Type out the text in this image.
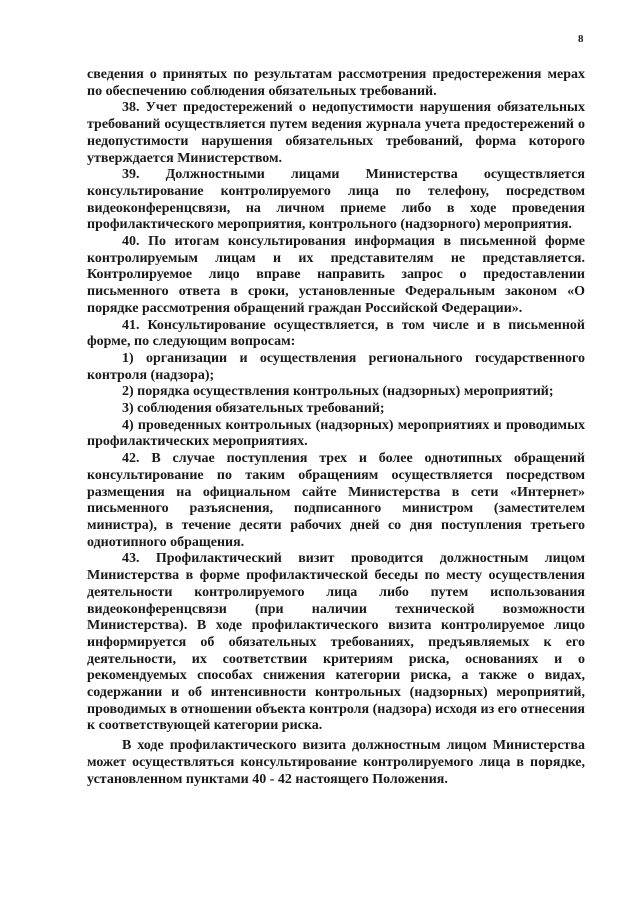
8

сведения о принятых по результатам рассмотрения предостережения мерах по обеспечению соблюдения обязательных требований.

38. Учет предостережений о недопустимости нарушения обязательных требований осуществляется путем ведения журнала учета предостережений о недопустимости нарушения обязательных требований, форма которого утверждается Министерством.

39. Должностными лицами Министерства осуществляется консультирование контролируемого лица по телефону, посредством видеоконференцсвязи, на личном приеме либо в ходе проведения профилактического мероприятия, контрольного (надзорного) мероприятия.

40. По итогам консультирования информация в письменной форме контролируемым лицам и их представителям не представляется. Контролируемое лицо вправе направить запрос о предоставлении письменного ответа в сроки, установленные Федеральным законом «О порядке рассмотрения обращений граждан Российской Федерации».

41. Консультирование осуществляется, в том числе и в письменной форме, по следующим вопросам:

1) организации и осуществления регионального государственного контроля (надзора);

2) порядка осуществления контрольных (надзорных) мероприятий;

3) соблюдения обязательных требований;

4) проведенных контрольных (надзорных) мероприятиях и проводимых профилактических мероприятиях.

42. В случае поступления трех и более однотипных обращений консультирование по таким обращениям осуществляется посредством размещения на официальном сайте Министерства в сети «Интернет» письменного разъяснения, подписанного министром (заместителем министра), в течение десяти рабочих дней со дня поступления третьего однотипного обращения.

43. Профилактический визит проводится должностным лицом Министерства в форме профилактической беседы по месту осуществления деятельности контролируемого лица либо путем использования видеоконференцсвязи (при наличии технической возможности Министерства). В ходе профилактического визита контролируемое лицо информируется об обязательных требованиях, предъявляемых к его деятельности, их соответствии критериям риска, основаниях и о рекомендуемых способах снижения категории риска, а также о видах, содержании и об интенсивности контрольных (надзорных) мероприятий, проводимых в отношении объекта контроля (надзора) исходя из его отнесения к соответствующей категории риска.

В ходе профилактического визита должностным лицом Министерства может осуществляться консультирование контролируемого лица в порядке, установленном пунктами 40 - 42 настоящего Положения.
